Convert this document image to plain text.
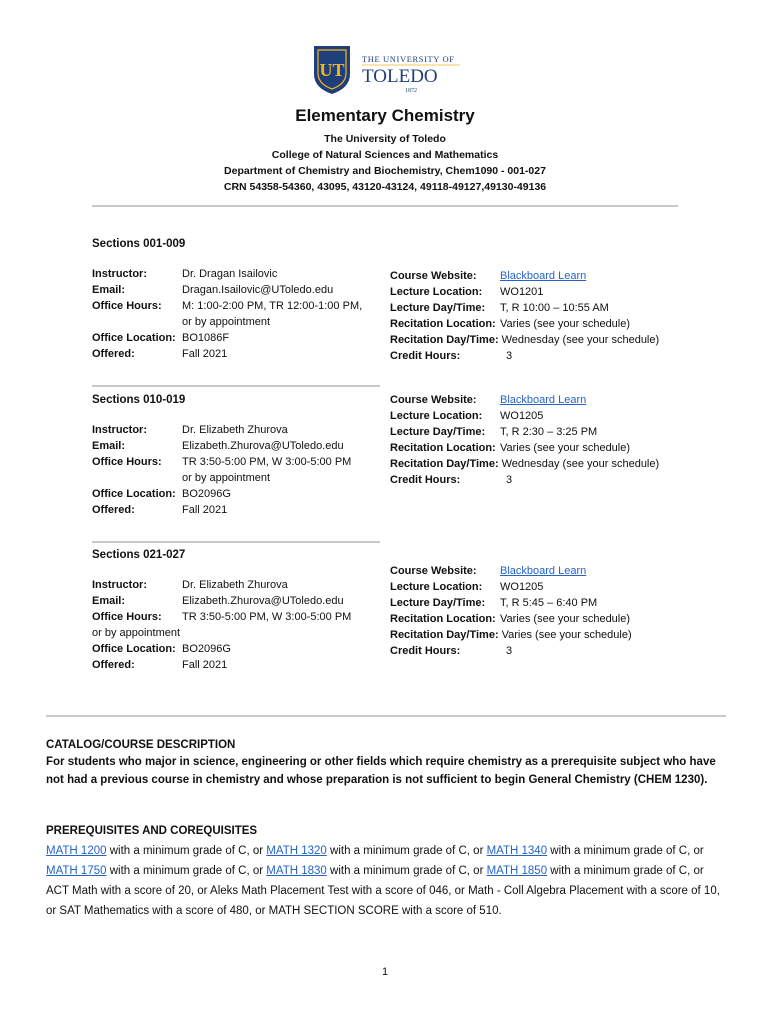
UT
THE UNIVERSITY OF
TOLEDO
1872
Elementary Chemistry
The University of Toledo
College of Natural Sciences and Mathematics
Department of Chemistry and Biochemistry, Chem1090 - 001-027
CRN 54358-54360, 43095, 43120-43124, 49118-49127,49130-49136
Sections 001-009
Instructor:	Dr. Dragan Isailovic
Email:	Dragan.Isailovic@UToledo.edu
Office Hours: M: 1:00-2:00 PM, TR 12:00-1:00 PM,
or by appointment
Office Location: BO1086F
Offered:	Fall 2021
Course Website: Blackboard Learn
Lecture Location: WO1201
Lecture Day/Time: T, R 10:00 – 10:55 AM
Recitation Location: Varies (see your schedule)
Recitation Day/Time: Wednesday (see your schedule)
Credit Hours:	3
Sections 010-019
Instructor:	Dr. Elizabeth Zhurova
Email:	Elizabeth.Zhurova@UToledo.edu
Office Hours: TR 3:50-5:00 PM, W 3:00-5:00 PM
or by appointment
Office Location: BO2096G
Offered:	Fall 2021
Course Website: Blackboard Learn
Lecture Location: WO1205
Lecture Day/Time: T, R 2:30 – 3:25 PM
Recitation Location: Varies (see your schedule)
Recitation Day/Time: Wednesday (see your schedule)
Credit Hours:	3
Sections 021-027
Instructor:	Dr. Elizabeth Zhurova
Email:	Elizabeth.Zhurova@UToledo.edu
Office Hours: TR 3:50-5:00 PM, W 3:00-5:00 PM
or by appointment
Office Location: BO2096G
Offered:	Fall 2021
Course Website: Blackboard Learn
Lecture Location: WO1205
Lecture Day/Time: T, R 5:45 – 6:40 PM
Recitation Location: Varies (see your schedule)
Recitation Day/Time: Varies (see your schedule)
Credit Hours:	3
CATALOG/COURSE DESCRIPTION
For students who major in science, engineering or other fields which require chemistry as a prerequisite subject who have not had a previous course in chemistry and whose preparation is not sufficient to begin General Chemistry (CHEM 1230).
PREREQUISITES AND COREQUISITES
MATH 1200 with a minimum grade of C, or MATH 1320 with a minimum grade of C, or MATH 1340 with a minimum grade of C, or MATH 1750 with a minimum grade of C, or MATH 1830 with a minimum grade of C, or MATH 1850 with a minimum grade of C, or ACT Math with a score of 20, or Aleks Math Placement Test with a score of 046, or Math - Coll Algebra Placement with a score of 10, or SAT Mathematics with a score of 480, or MATH SECTION SCORE with a score of 510.
1
